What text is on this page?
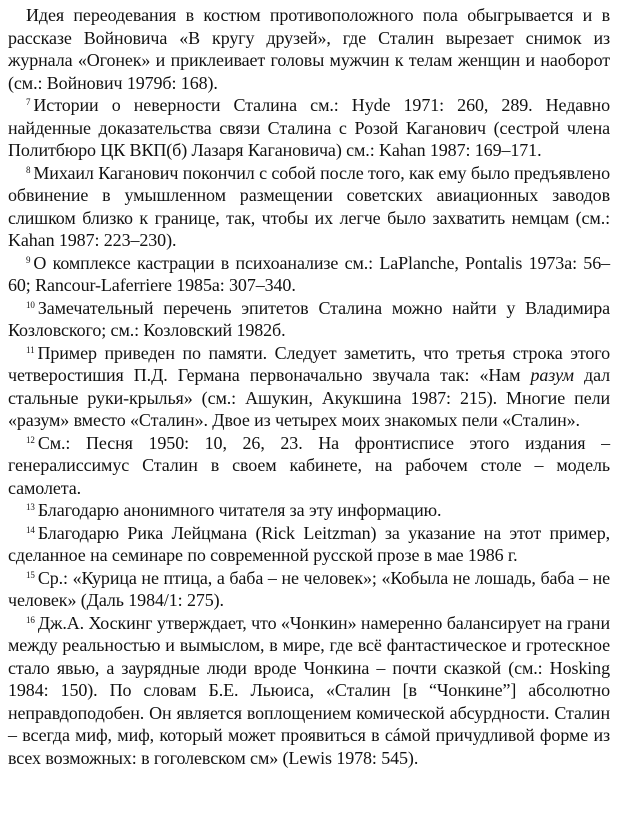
Идея переодевания в костюм противоположного пола обыгрывается и в рассказе Войновича «В кругу друзей», где Сталин вырезает снимок из журнала «Огонек» и приклеивает головы мужчин к телам женщин и наоборот (см.: Войнович 1979б: 168).

$^7$ Истории о неверности Сталина см.: Hyde 1971: 260, 289. Недавно найденные доказательства связи Сталина с Розой Каганович (сестрой члена Политбюро ЦК ВКП(б) Лазаря Кагановича) см.: Kahan 1987: 169–171.

$^8$ Михаил Каганович покончил с собой после того, как ему было предъявлено обвинение в умышленном размещении советских авиационных заводов слишком близко к границе, так, чтобы их легче было захватить немцам (см.: Kahan 1987: 223–230).

$^9$ О комплексе кастрации в психоанализе см.: LaPlanche, Pontalis 1973a: 56–60; Rancour-Laferriere 1985a: 307–340.

$^{10}$ Замечательный перечень эпитетов Сталина можно найти у Владимира Козловского; см.: Козловский 1982б.

$^{11}$ Пример приведен по памяти. Следует заметить, что третья строка этого четверостишия П.Д. Германа первоначально звучала так: «Нам разум дал стальные руки-крылья» (см.: Ашукин, Акукшина 1987: 215). Многие пели «разум» вместо «Сталин». Двое из четырех моих знакомых пели «Сталин».

$^{12}$ См.: Песня 1950: 10, 26, 23. На фронтисписе этого издания – генералиссимус Сталин в своем кабинете, на рабочем столе – модель самолета.

$^{13}$ Благодарю анонимного читателя за эту информацию.

$^{14}$ Благодарю Рика Лейцмана (Rick Leitzman) за указание на этот пример, сделанное на семинаре по современной русской прозе в мае 1986 г.

$^{15}$ Ср.: «Курица не птица, а баба – не человек»; «Кобыла не лошадь, баба – не человек» (Даль 1984/1: 275).

$^{16}$ Дж.А. Хоскинг утверждает, что «Чонкин» намеренно балансирует на грани между реальностью и вымыслом, в мире, где всё фантастическое и гротескное стало явью, а заурядные люди вроде Чонкина – почти сказкой (см.: Hosking 1984: 150). По словам Б.Е. Льюиса, «Сталин [в “Чонкине”] абсолютно неправдоподобен. Он является воплощением комической абсурдности. Сталин – всегда миф, миф, который может проявиться в сáмой причудливой форме из всех возможных: в гоголевском см» (Lewis 1978: 545).
